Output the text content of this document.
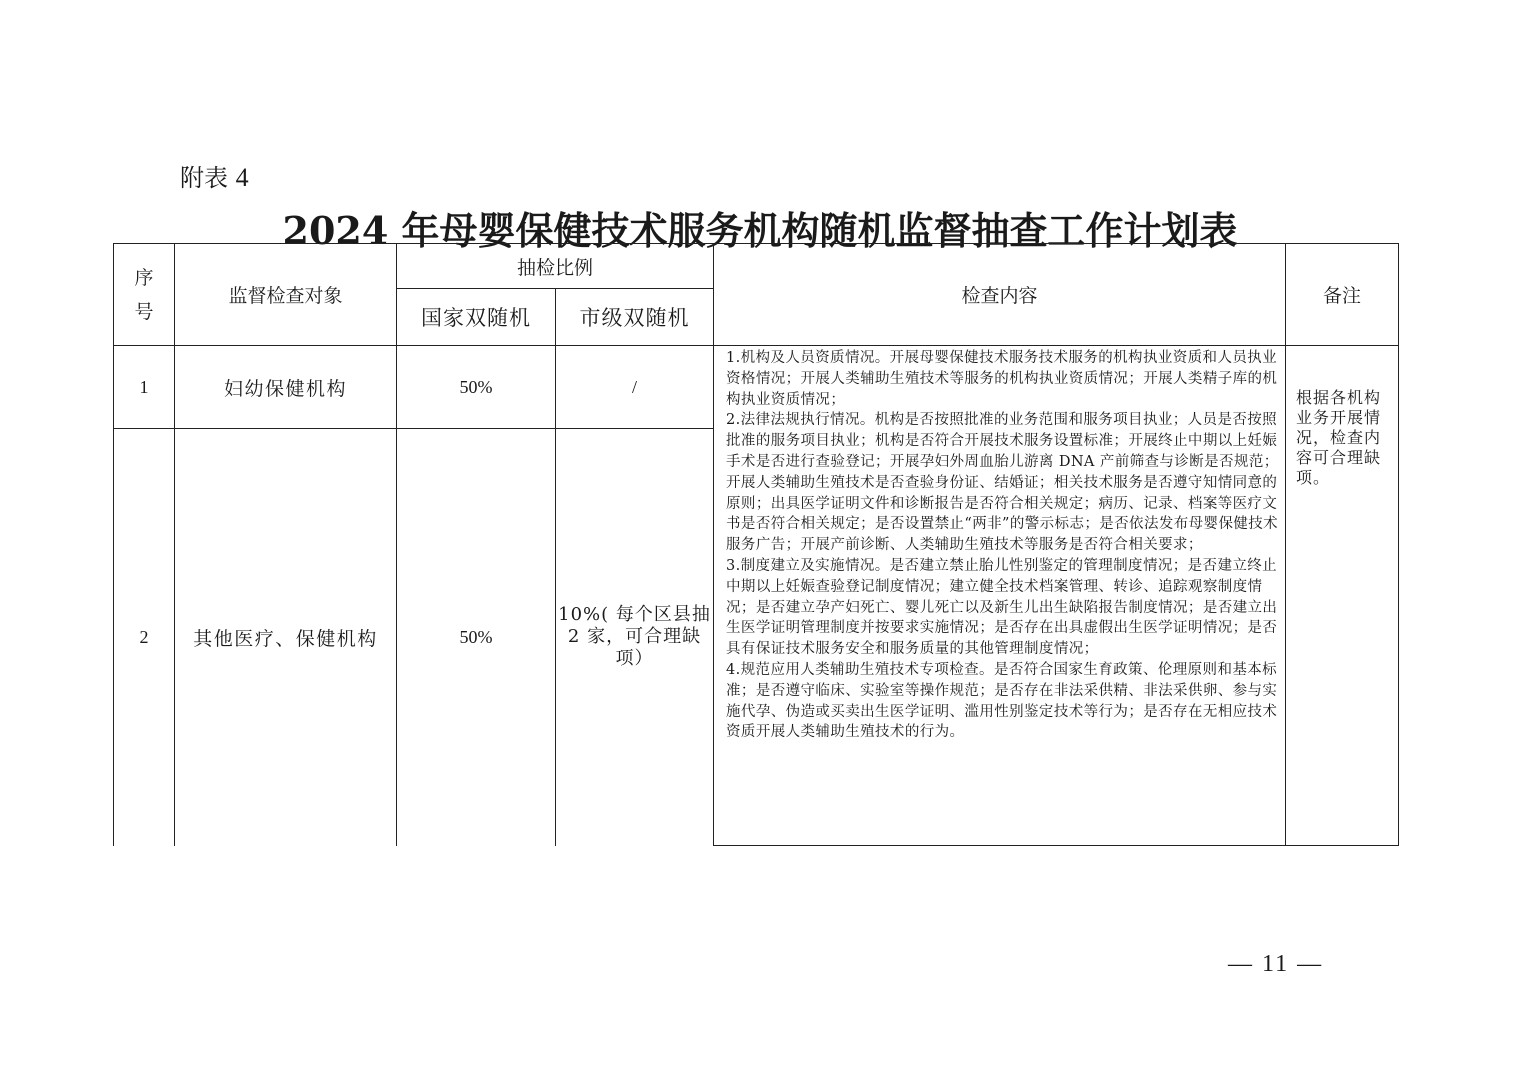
附表 4
2024 年母婴保健技术服务机构随机监督抽查工作计划表
序号	监督检查对象	抽检比例		检查内容	备注
		国家双随机	市级双随机		
1	妇幼保健机构	50%	/	1.机构及人员资质情况。开展母婴保健技术服务技术服务的机构执业资质和人员执业资格情况；开展人类辅助生殖技术等服务的机构执业资质情况；开展人类精子库的机构执业资质情况；

2.法律法规执行情况。机构是否按照批准的业务范围和服务项目执业；人员是否按照批准的服务项目执业；机构是否符合开展技术服务设置标准；开展终止中期以上妊娠手术是否进行查验登记；开展孕妇外周血胎儿游离 DNA 产前筛查与诊断是否规范；开展人类辅助生殖技术是否查验身份证、结婚证；相关技术服务是否遵守知情同意的原则；出具医学证明文件和诊断报告是否符合相关规定；病历、记录、档案等医疗文书是否符合相关规定；是否设置禁止“两非”的警示标志；是否依法发布母婴保健技术服务广告；开展产前诊断、人类辅助生殖技术等服务是否符合相关要求；

3.制度建立及实施情况。是否建立禁止胎儿性别鉴定的管理制度情况；是否建立终止中期以上妊娠查验登记制度情况；建立健全技术档案管理、转诊、追踪观察制度情况；是否建立孕产妇死亡、婴儿死亡以及新生儿出生缺陷报告制度情况；是否建立出生医学证明管理制度并按要求实施情况；是否存在出具虚假出生医学证明情况；是否具有保证技术服务安全和服务质量的其他管理制度情况；

4.规范应用人类辅助生殖技术专项检查。是否符合国家生育政策、伦理原则和基本标准；是否遵守临床、实验室等操作规范；是否存在非法采供精、非法采供卵、参与实施代孕、伪造或买卖出生医学证明、滥用性别鉴定技术等行为；是否存在无相应技术资质开展人类辅助生殖技术的行为。	根据各机构业务开展情况，检查内容可合理缺项。
2	其他医疗、保健机构	50%	10%( 每个区县抽 2 家，可合理缺项）		
— 11 —
